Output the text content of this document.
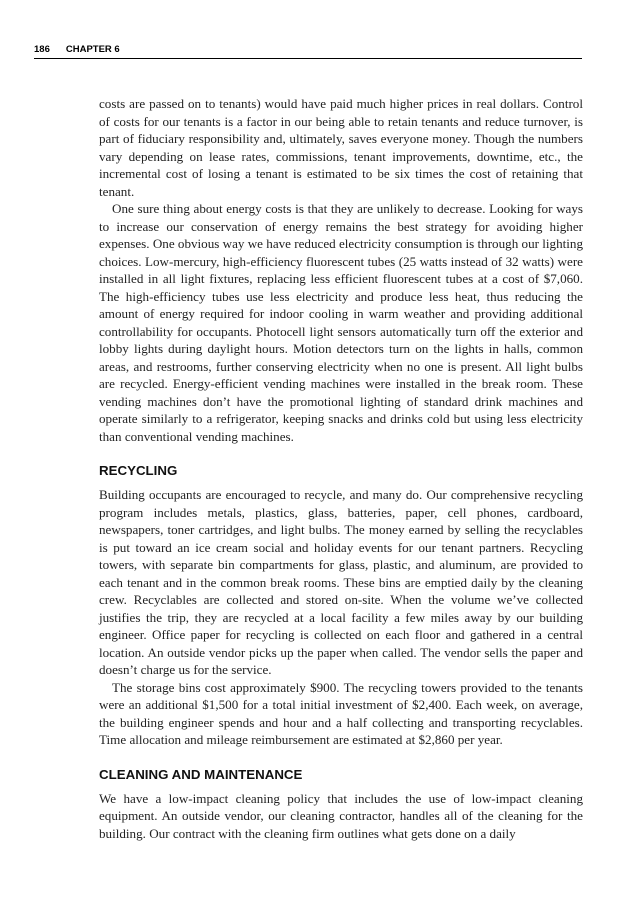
186 CHAPTER 6

costs are passed on to tenants) would have paid much higher prices in real dollars. Control of costs for our tenants is a factor in our being able to retain tenants and reduce turnover, is part of fiduciary responsibility and, ultimately, saves everyone money. Though the numbers vary depending on lease rates, commissions, tenant improvements, downtime, etc., the incremental cost of losing a tenant is estimated to be six times the cost of retaining that tenant.

One sure thing about energy costs is that they are unlikely to decrease. Looking for ways to increase our conservation of energy remains the best strategy for avoiding higher expenses. One obvious way we have reduced electricity consumption is through our lighting choices. Low-mercury, high-efficiency fluorescent tubes (25 watts instead of 32 watts) were installed in all light fixtures, replacing less efficient fluorescent tubes at a cost of $7,060. The high-efficiency tubes use less electricity and produce less heat, thus reducing the amount of energy required for indoor cooling in warm weather and providing additional controllability for occupants. Photocell light sensors automatically turn off the exterior and lobby lights during daylight hours. Motion detectors turn on the lights in halls, common areas, and restrooms, further conserving electricity when no one is present. All light bulbs are recycled. Energy-efficient vending machines were installed in the break room. These vending machines don’t have the promotional lighting of standard drink machines and operate similarly to a refrigerator, keeping snacks and drinks cold but using less electricity than conventional vending machines.

RECYCLING

Building occupants are encouraged to recycle, and many do. Our comprehensive recycling program includes metals, plastics, glass, batteries, paper, cell phones, cardboard, newspapers, toner cartridges, and light bulbs. The money earned by selling the recyclables is put toward an ice cream social and holiday events for our tenant partners. Recycling towers, with separate bin compartments for glass, plastic, and aluminum, are provided to each tenant and in the common break rooms. These bins are emptied daily by the cleaning crew. Recyclables are collected and stored on-site. When the volume we’ve collected justifies the trip, they are recycled at a local facility a few miles away by our building engineer. Office paper for recycling is collected on each floor and gathered in a central location. An outside vendor picks up the paper when called. The vendor sells the paper and doesn’t charge us for the service.

The storage bins cost approximately $900. The recycling towers provided to the tenants were an additional $1,500 for a total initial investment of $2,400. Each week, on average, the building engineer spends and hour and a half collecting and transporting recyclables. Time allocation and mileage reimbursement are estimated at $2,860 per year.

CLEANING AND MAINTENANCE

We have a low-impact cleaning policy that includes the use of low-impact cleaning equipment. An outside vendor, our cleaning contractor, handles all of the cleaning for the building. Our contract with the cleaning firm outlines what gets done on a daily
